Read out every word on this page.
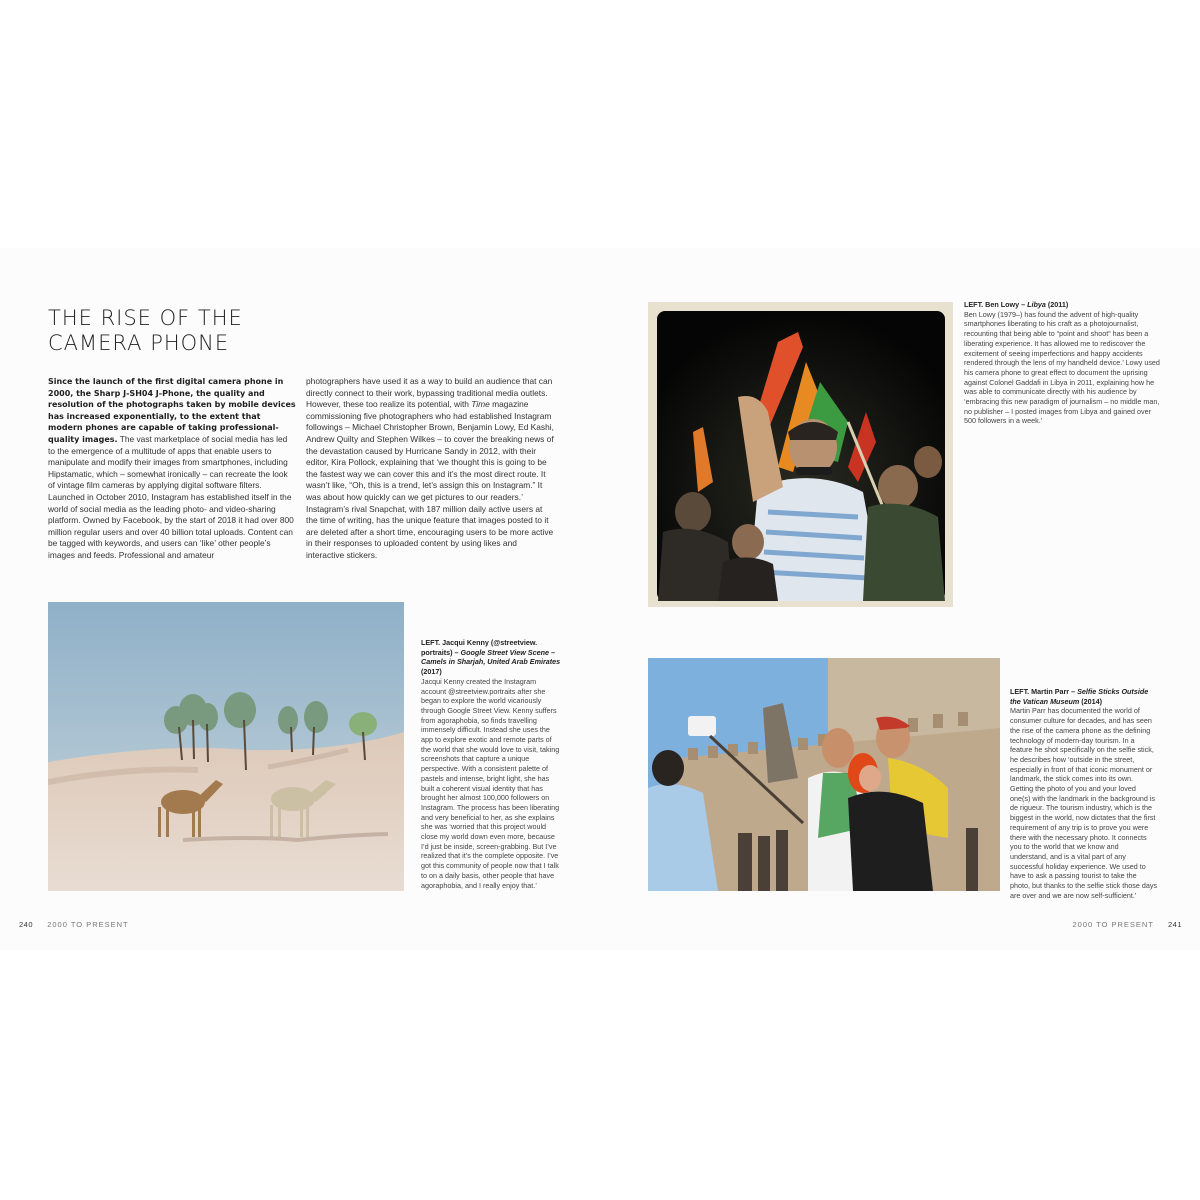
THE RISE OF THE
CAMERA PHONE

Since the launch of the first digital camera phone in 2000, the Sharp J-SH04 J-Phone, the quality and resolution of the photographs taken by mobile devices has increased exponentially, to the extent that modern phones are capable of taking professional-quality images. The vast marketplace of social media has led to the emergence of a multitude of apps that enable users to manipulate and modify their images from smartphones, including Hipstamatic, which – somewhat ironically – can recreate the look of vintage film cameras by applying digital software filters. Launched in October 2010, Instagram has established itself in the world of social media as the leading photo- and video-sharing platform. Owned by Facebook, by the start of 2018 it had over 800 million regular users and over 40 billion total uploads. Content can be tagged with keywords, and users can ‘like’ other people’s images and feeds. Professional and amateur

photographers have used it as a way to build an audience that can directly connect to their work, bypassing traditional media outlets. However, these too realize its potential, with Time magazine commissioning five photographers who had established Instagram followings – Michael Christopher Brown, Benjamin Lowy, Ed Kashi, Andrew Quilty and Stephen Wilkes – to cover the breaking news of the devastation caused by Hurricane Sandy in 2012, with their editor, Kira Pollock, explaining that ‘we thought this is going to be the fastest way we can cover this and it’s the most direct route. It wasn’t like, “Oh, this is a trend, let’s assign this on Instagram.” It was about how quickly can we get pictures to our readers.’ Instagram’s rival Snapchat, with 187 million daily active users at the time of writing, has the unique feature that images posted to it are deleted after a short time, encouraging users to be more active in their responses to uploaded content by using likes and interactive stickers.

LEFT. Ben Lowy – Libya (2011)
Ben Lowy (1979–) has found the advent of high-quality smartphones liberating to his craft as a photojournalist, recounting that being able to “point and shoot” has been a liberating experience. It has allowed me to rediscover the excitement of seeing imperfections and happy accidents rendered through the lens of my handheld device.’ Lowy used his camera phone to great effect to document the uprising against Colonel Gaddafi in Libya in 2011, explaining how he was able to communicate directly with his audience by ‘embracing this new paradigm of journalism – no middle man, no publisher – I posted images from Libya and gained over 500 followers in a week.’

LEFT. Jacqui Kenny (@streetview. portraits) – Google Street View Scene – Camels in Sharjah, United Arab Emirates (2017)
Jacqui Kenny created the Instagram account @streetview.portraits after she began to explore the world vicariously through Google Street View. Kenny suffers from agoraphobia, so finds travelling immensely difficult. Instead she uses the app to explore exotic and remote parts of the world that she would love to visit, taking screenshots that capture a unique perspective. With a consistent palette of pastels and intense, bright light, she has built a coherent visual identity that has brought her almost 100,000 followers on Instagram. The process has been liberating and very beneficial to her, as she explains she was ‘worried that this project would close my world down even more, because I’d just be inside, screen-grabbing. But I’ve realized that it’s the complete opposite. I’ve got this community of people now that I talk to on a daily basis, other people that have agoraphobia, and I really enjoy that.’

LEFT. Martin Parr – Selfie Sticks Outside the Vatican Museum (2014)
Martin Parr has documented the world of consumer culture for decades, and has seen the rise of the camera phone as the defining technology of modern-day tourism. In a feature he shot specifically on the selfie stick, he describes how ‘outside in the street, especially in front of that iconic monument or landmark, the stick comes into its own. Getting the photo of you and your loved one(s) with the landmark in the background is de rigueur. The tourism industry, which is the biggest in the world, now dictates that the first requirement of any trip is to prove you were there with the necessary photo. It connects you to the world that we know and understand, and is a vital part of any successful holiday experience. We used to have to ask a passing tourist to take the photo, but thanks to the selfie stick those days are over and we are now self-sufficient.’

240 2000 TO PRESENT	2000 TO PRESENT 241
